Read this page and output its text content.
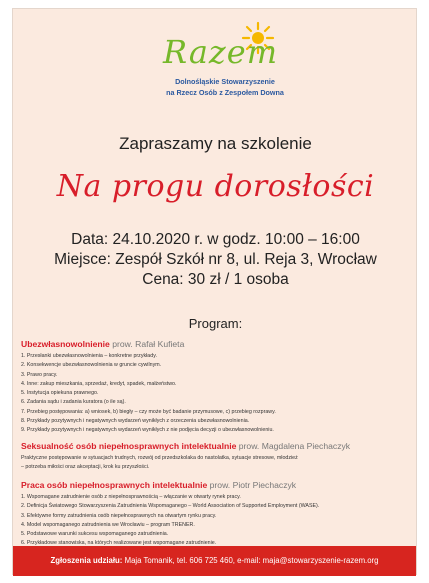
Razem
Dolnośląskie Stowarzyszenie
na Rzecz Osób z Zespołem Downa
Zapraszamy na szkolenie
Na progu dorosłości
Data: 24.10.2020 r. w godz. 10:00 – 16:00
Miejsce: Zespół Szkół nr 8, ul. Reja 3, Wrocław
Cena: 30 zł / 1 osoba
Program:
Ubezwłasnowolnienie prow. Rafał Kufieta
1. Przesłanki ubezwłasnowolnienia – konkretne przykłady.
2. Konsekwencje ubezwłasnowolnienia w gruncie cywilnym.
3. Prawo pracy.
4. Inne: zakup mieszkania, sprzedaż, kredyt, spadek, małżeństwo.
5. Instytucja opiekuna prawnego.
6. Zadania sądu i zadania kuratora (o ile są).
7. Przebieg postępowania: a) wniosek, b) biegły – czy może być badanie przymusowe, c) przebieg rozprawy.
8. Przykłady pozytywnych i negatywnych wydarzeń wynikłych z orzeczenia ubezwłasnowolnienia.
9. Przykłady pozytywnych i negatywnych wydarzeń wynikłych z nie podjęcia decyzji o ubezwłasnowolnieniu.
Seksualność osób niepełnosprawnych intelektualnie prow. Magdalena Piechaczyk
Praktyczne postępowanie w sytuacjach trudnych, rozwój od przedszkolaka do nastolatka, sytuacje stresowe, młodzież
– potrzeba miłości oraz akceptacji, krok ku przyszłości.
Praca osób niepełnosprawnych intelektualnie prow. Piotr Piechaczyk
1. Wspomagane zatrudnienie osób z niepełnosprawnością – włączanie w otwarty rynek pracy.
2. Definicja Światowego Stowarzyszenia Zatrudnienia Wspomaganego – World Association of Supported Employment (WASE).
3. Efektywne formy zatrudnienia osób niepełnosprawnych na otwartym rynku pracy.
4. Model wspomaganego zatrudnienia we Wrocławiu – program TRENER.
5. Podstawowe warunki sukcesu wspomaganego zatrudnienia.
6. Przykładowe stanowiska, na których realizowane jest wspomagane zatrudnienie.
Zgłoszenia udziału: Maja Tomanik, tel. 606 725 460, e-mail: maja@stowarzyszenie-razem.org
